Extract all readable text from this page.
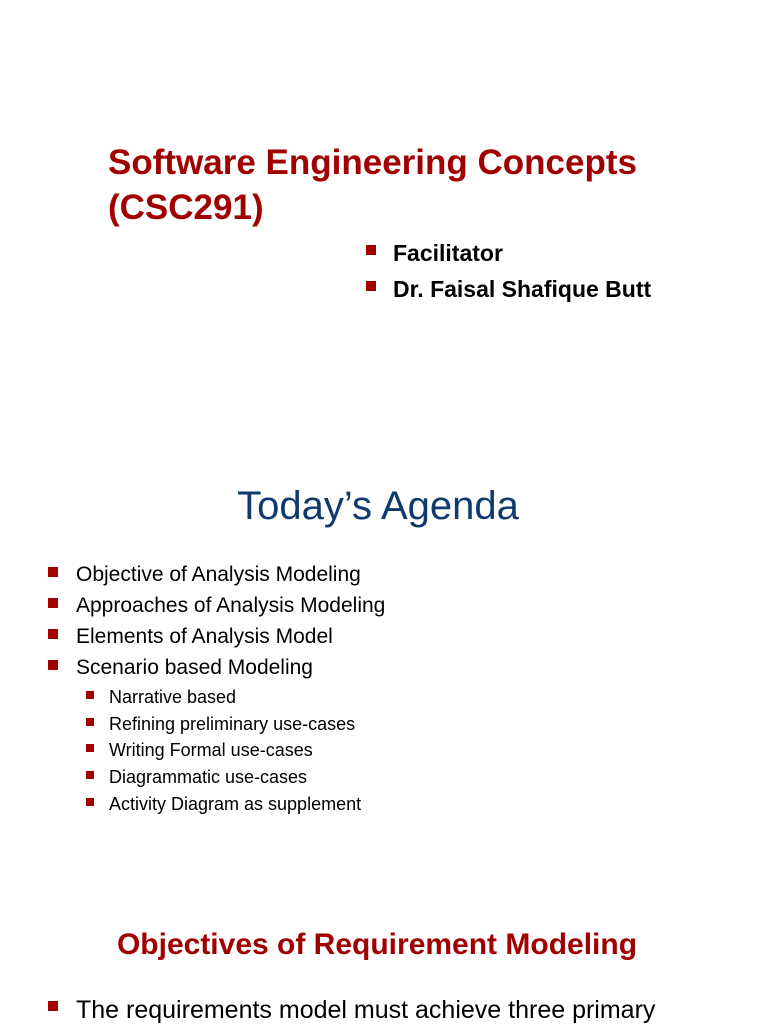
Software Engineering Concepts
(CSC291)
Facilitator
Dr. Faisal Shafique Butt
Today’s Agenda
Objective of Analysis Modeling
Approaches of Analysis Modeling
Elements of Analysis Model
Scenario based Modeling
Narrative based
Refining preliminary use-cases
Writing Formal use-cases
Diagrammatic use-cases
Activity Diagram as supplement
Objectives of Requirement Modeling
The requirements model must achieve three primary
